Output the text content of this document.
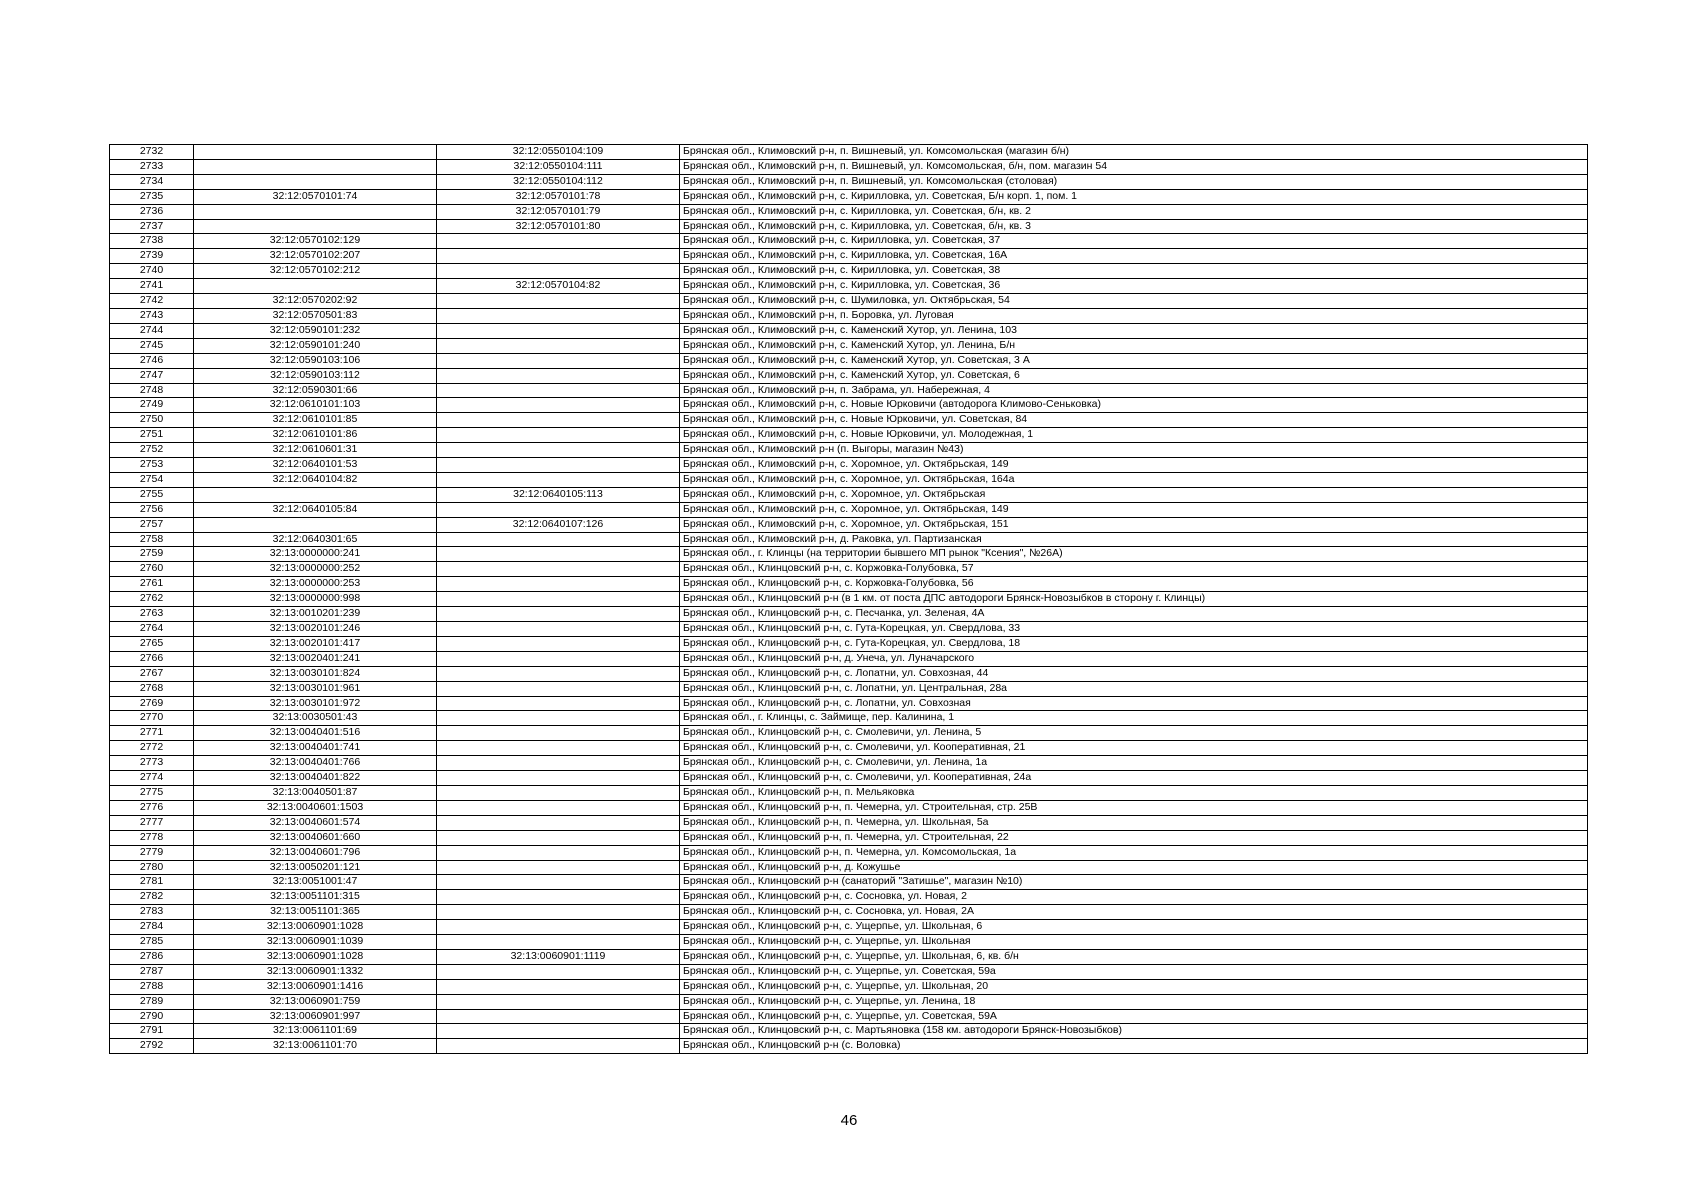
2732		32:12:0550104:109	Брянская обл., Климовский р-н, п. Вишневый, ул. Комсомольская (магазин б/н)
2733		32:12:0550104:111	Брянская обл., Климовский р-н, п. Вишневый, ул. Комсомольская, б/н, пом. магазин 54
2734		32:12:0550104:112	Брянская обл., Климовский р-н, п. Вишневый, ул. Комсомольская (столовая)
2735	32:12:0570101:74	32:12:0570101:78	Брянская обл., Климовский р-н, с. Кирилловка, ул. Советская, Б/н корп. 1, пом. 1
2736		32:12:0570101:79	Брянская обл., Климовский р-н, с. Кирилловка, ул. Советская, б/н, кв. 2
2737		32:12:0570101:80	Брянская обл., Климовский р-н, с. Кирилловка, ул. Советская, б/н, кв. 3
2738	32:12:0570102:129		Брянская обл., Климовский р-н, с. Кирилловка, ул. Советская, 37
2739	32:12:0570102:207		Брянская обл., Климовский р-н, с. Кирилловка, ул. Советская, 16А
2740	32:12:0570102:212		Брянская обл., Климовский р-н, с. Кирилловка, ул. Советская, 38
2741		32:12:0570104:82	Брянская обл., Климовский р-н, с. Кирилловка, ул. Советская, 36
2742	32:12:0570202:92		Брянская обл., Климовский р-н, с. Шумиловка, ул. Октябрьская, 54
2743	32:12:0570501:83		Брянская обл., Климовский р-н, п. Боровка, ул. Луговая
2744	32:12:0590101:232		Брянская обл., Климовский р-н, с. Каменский Хутор, ул. Ленина, 103
2745	32:12:0590101:240		Брянская обл., Климовский р-н, с. Каменский Хутор, ул. Ленина, Б/н
2746	32:12:0590103:106		Брянская обл., Климовский р-н, с. Каменский Хутор, ул. Советская, 3 А
2747	32:12:0590103:112		Брянская обл., Климовский р-н, с. Каменский Хутор, ул. Советская, 6
2748	32:12:0590301:66		Брянская обл., Климовский р-н, п. Забрама, ул. Набережная, 4
2749	32:12:0610101:103		Брянская обл., Климовский р-н, с. Новые Юрковичи (автодорога Климово-Сеньковка)
2750	32:12:0610101:85		Брянская обл., Климовский р-н, с. Новые Юрковичи, ул. Советская, 84
2751	32:12:0610101:86		Брянская обл., Климовский р-н, с. Новые Юрковичи, ул. Молодежная, 1
2752	32:12:0610601:31		Брянская обл., Климовский р-н (п. Выгоры, магазин №43)
2753	32:12:0640101:53		Брянская обл., Климовский р-н, с. Хоромное, ул. Октябрьская, 149
2754	32:12:0640104:82		Брянская обл., Климовский р-н, с. Хоромное, ул. Октябрьская, 164а
2755		32:12:0640105:113	Брянская обл., Климовский р-н, с. Хоромное, ул. Октябрьская
2756	32:12:0640105:84		Брянская обл., Климовский р-н, с. Хоромное, ул. Октябрьская, 149
2757		32:12:0640107:126	Брянская обл., Климовский р-н, с. Хоромное, ул. Октябрьская, 151
2758	32:12:0640301:65		Брянская обл., Климовский р-н, д. Раковка, ул. Партизанская
2759	32:13:0000000:241		Брянская обл., г. Клинцы (на территории бывшего МП рынок "Ксения", №26А)
2760	32:13:0000000:252		Брянская обл., Клинцовский р-н, с. Коржовка-Голубовка, 57
2761	32:13:0000000:253		Брянская обл., Клинцовский р-н, с. Коржовка-Голубовка, 56
2762	32:13:0000000:998		Брянская обл., Клинцовский р-н (в 1 км. от поста ДПС автодороги Брянск-Новозыбков в сторону г. Клинцы)
2763	32:13:0010201:239		Брянская обл., Клинцовский р-н, с. Песчанка, ул. Зеленая, 4А
2764	32:13:0020101:246		Брянская обл., Клинцовский р-н, с. Гута-Корецкая, ул. Свердлова, 33
2765	32:13:0020101:417		Брянская обл., Клинцовский р-н, с. Гута-Корецкая, ул. Свердлова, 18
2766	32:13:0020401:241		Брянская обл., Клинцовский р-н, д. Унеча, ул. Луначарского
2767	32:13:0030101:824		Брянская обл., Клинцовский р-н, с. Лопатни, ул. Совхозная, 44
2768	32:13:0030101:961		Брянская обл., Клинцовский р-н, с. Лопатни, ул. Центральная, 28а
2769	32:13:0030101:972		Брянская обл., Клинцовский р-н, с. Лопатни, ул. Совхозная
2770	32:13:0030501:43		Брянская обл., г. Клинцы, с. Займище, пер. Калинина, 1
2771	32:13:0040401:516		Брянская обл., Клинцовский р-н, с. Смолевичи, ул. Ленина, 5
2772	32:13:0040401:741		Брянская обл., Клинцовский р-н, с. Смолевичи, ул. Кооперативная, 21
2773	32:13:0040401:766		Брянская обл., Клинцовский р-н, с. Смолевичи, ул. Ленина, 1а
2774	32:13:0040401:822		Брянская обл., Клинцовский р-н, с. Смолевичи, ул. Кооперативная, 24а
2775	32:13:0040501:87		Брянская обл., Клинцовский р-н, п. Мельяковка
2776	32:13:0040601:1503		Брянская обл., Клинцовский р-н, п. Чемерна, ул. Строительная, стр. 25В
2777	32:13:0040601:574		Брянская обл., Клинцовский р-н, п. Чемерна, ул. Школьная, 5а
2778	32:13:0040601:660		Брянская обл., Клинцовский р-н, п. Чемерна, ул. Строительная, 22
2779	32:13:0040601:796		Брянская обл., Клинцовский р-н, п. Чемерна, ул. Комсомольская, 1а
2780	32:13:0050201:121		Брянская обл., Клинцовский р-н, д. Кожушье
2781	32:13:0051001:47		Брянская обл., Клинцовский р-н (санаторий "Затишье", магазин №10)
2782	32:13:0051101:315		Брянская обл., Клинцовский р-н, с. Сосновка, ул. Новая, 2
2783	32:13:0051101:365		Брянская обл., Клинцовский р-н, с. Сосновка, ул. Новая, 2А
2784	32:13:0060901:1028		Брянская обл., Клинцовский р-н, с. Ущерпье, ул. Школьная, 6
2785	32:13:0060901:1039		Брянская обл., Клинцовский р-н, с. Ущерпье, ул. Школьная
2786	32:13:0060901:1028	32:13:0060901:1119	Брянская обл., Клинцовский р-н, с. Ущерпье, ул. Школьная, 6, кв. б/н
2787	32:13:0060901:1332		Брянская обл., Клинцовский р-н, с. Ущерпье, ул. Советская, 59а
2788	32:13:0060901:1416		Брянская обл., Клинцовский р-н, с. Ущерпье, ул. Школьная, 20
2789	32:13:0060901:759		Брянская обл., Клинцовский р-н, с. Ущерпье, ул. Ленина, 18
2790	32:13:0060901:997		Брянская обл., Клинцовский р-н, с. Ущерпье, ул. Советская, 59А
2791	32:13:0061101:69		Брянская обл., Клинцовский р-н, с. Мартьяновка (158 км. автодороги Брянск-Новозыбков)
2792	32:13:0061101:70		Брянская обл., Клинцовский р-н (с. Воловка)
46
